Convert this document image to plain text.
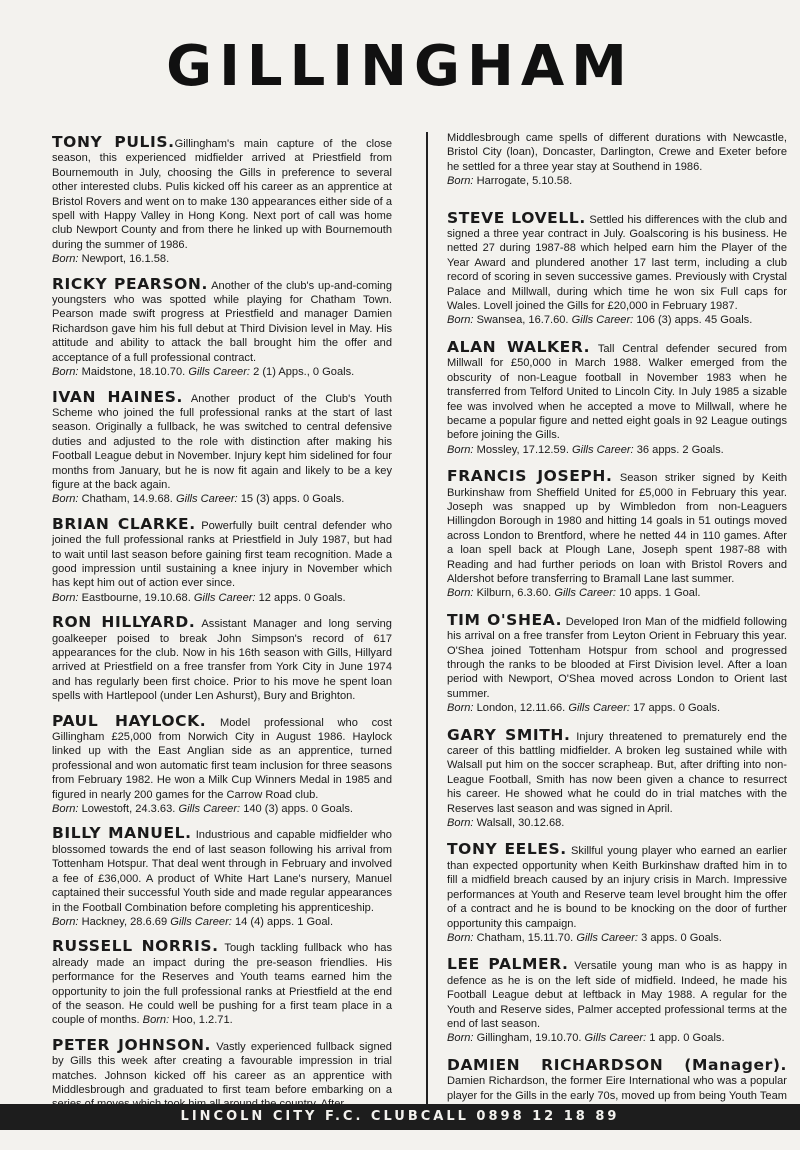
GILLINGHAM

TONY PULIS.Gillingham's main capture of the close season, this experienced midfielder arrived at Priestfield from Bournemouth in July, choosing the Gills in preference to several other interested clubs. Pulis kicked off his career as an apprentice at Bristol Rovers and went on to make 130 appearances either side of a spell with Happy Valley in Hong Kong. Next port of call was home club Newport County and from there he linked up with Bournemouth during the summer of 1986.
Born: Newport, 16.1.58.

RICKY PEARSON. Another of the club's up-and-coming youngsters who was spotted while playing for Chatham Town. Pearson made swift progress at Priestfield and manager Damien Richardson gave him his full debut at Third Division level in May. His attitude and ability to attack the ball brought him the offer and acceptance of a full professional contract.
Born: Maidstone, 18.10.70. Gills Career: 2 (1) Apps., 0 Goals.

IVAN HAINES. Another product of the Club's Youth Scheme who joined the full professional ranks at the start of last season. Originally a fullback, he was switched to central defensive duties and adjusted to the role with distinction after making his Football League debut in November. Injury kept him sidelined for four months from January, but he is now fit again and likely to be a key figure at the back again.
Born: Chatham, 14.9.68. Gills Career: 15 (3) apps. 0 Goals.

BRIAN CLARKE. Powerfully built central defender who joined the full professional ranks at Priestfield in July 1987, but had to wait until last season before gaining first team recognition. Made a good impression until sustaining a knee injury in November which has kept him out of action ever since.
Born: Eastbourne, 19.10.68. Gills Career: 12 apps. 0 Goals.

RON HILLYARD. Assistant Manager and long serving goalkeeper poised to break John Simpson's record of 617 appearances for the club. Now in his 16th season with Gills, Hillyard arrived at Priestfield on a free transfer from York City in June 1974 and has regularly been first choice. Prior to his move he spent loan spells with Hartlepool (under Len Ashurst), Bury and Brighton.

PAUL HAYLOCK. Model professional who cost Gillingham £25,000 from Norwich City in August 1986. Haylock linked up with the East Anglian side as an apprentice, turned professional and won automatic first team inclusion for three seasons from February 1982. He won a Milk Cup Winners Medal in 1985 and figured in nearly 200 games for the Carrow Road club.
Born: Lowestoft, 24.3.63. Gills Career: 140 (3) apps. 0 Goals.

BILLY MANUEL. Industrious and capable midfielder who blossomed towards the end of last season following his arrival from Tottenham Hotspur. That deal went through in February and involved a fee of £36,000. A product of White Hart Lane's nursery, Manuel captained their successful Youth side and made regular appearances in the Football Combination before completing his apprenticeship.
Born: Hackney, 28.6.69 Gills Career: 14 (4) apps. 1 Goal.

RUSSELL NORRIS. Tough tackling fullback who has already made an impact during the pre-season friendlies. His performance for the Reserves and Youth teams earned him the opportunity to join the full professional ranks at Priestfield at the end of the season. He could well be pushing for a first team place in a couple of months. Born: Hoo, 1.2.71.

PETER JOHNSON. Vastly experienced fullback signed by Gills this week after creating a favourable impression in trial matches. Johnson kicked off his career as an apprentice with Middlesbrough and graduated to first team before embarking on a

Middlesbrough came spells of different durations with Newcastle, Bristol City (loan), Doncaster, Darlington, Crewe and Exeter before he settled for a three year stay at Southend in 1986.
Born: Harrogate, 5.10.58.

STEVE LOVELL. Settled his differences with the club and signed a three year contract in July. Goalscoring is his business. He netted 27 during 1987-88 which helped earn him the Player of the Year Award and plundered another 17 last term, including a club record of scoring in seven successive games. Previously with Crystal Palace and Millwall, during which time he won six Full caps for Wales. Lovell joined the Gills for £20,000 in February 1987.
Born: Swansea, 16.7.60. Gills Career: 106 (3) apps. 45 Goals.

ALAN WALKER. Tall Central defender secured from Millwall for £50,000 in March 1988. Walker emerged from the obscurity of non-League football in November 1983 when he transferred from Telford United to Lincoln City. In July 1985 a sizable fee was involved when he accepted a move to Millwall, where he became a popular figure and netted eight goals in 92 League outings before joining the Gills.
Born: Mossley, 17.12.59. Gills Career: 36 apps. 2 Goals.

FRANCIS JOSEPH. Season striker signed by Keith Burkinshaw from Sheffield United for £5,000 in February this year. Joseph was snapped up by Wimbledon from non-Leaguers Hillingdon Borough in 1980 and hitting 14 goals in 51 outings moved across London to Brentford, where he netted 44 in 110 games. After a loan spell back at Plough Lane, Joseph spent 1987-88 with Reading and had further periods on loan with Bristol Rovers and Aldershot before transferring to Bramall Lane last summer.
Born: Kilburn, 6.3.60. Gills Career: 10 apps. 1 Goal.

TIM O'SHEA. Developed Iron Man of the midfield following his arrival on a free transfer from Leyton Orient in February this year. O'Shea joined Tottenham Hotspur from school and progressed through the ranks to be blooded at First Division level. After a loan period with Newport, O'Shea moved across London to Orient last summer.
Born: London, 12.11.66. Gills Career: 17 apps. 0 Goals.

GARY SMITH. Injury threatened to prematurely end the career of this battling midfielder. A broken leg sustained while with Walsall put him on the soccer scrapheap. But, after drifting into non-League Football, Smith has now been given a chance to resurrect his career. He showed what he could do in trial matches with the Reserves last season and was signed in April.
Born: Walsall, 30.12.68.

TONY EELES. Skillful young player who earned an earlier than expected opportunity when Keith Burkinshaw drafted him in to fill a midfield breach caused by an injury crisis in March. Impressive performances at Youth and Reserve team level brought him the offer of a contract and he is bound to be knocking on the door of further opportunity this campaign.
Born: Chatham, 15.11.70. Gills Career: 3 apps. 0 Goals.

LEE PALMER. Versatile young man who is as happy in defence as he is on the left side of midfield. Indeed, he made his Football League debut at leftback in May 1988. A regular for the Youth and Reserve sides, Palmer accepted professional terms at the end of last season.
Born: Gillingham, 19.10.70. Gills Career: 1 app. 0 Goals.

DAMIEN RICHARDSON (Manager). Damien Richardson, the former Eire International who was a popular player for the Gills in the early 70s, moved up from being Youth Team

LINCOLN CITY F.C. CLUBCALL 0898 12 18 89
